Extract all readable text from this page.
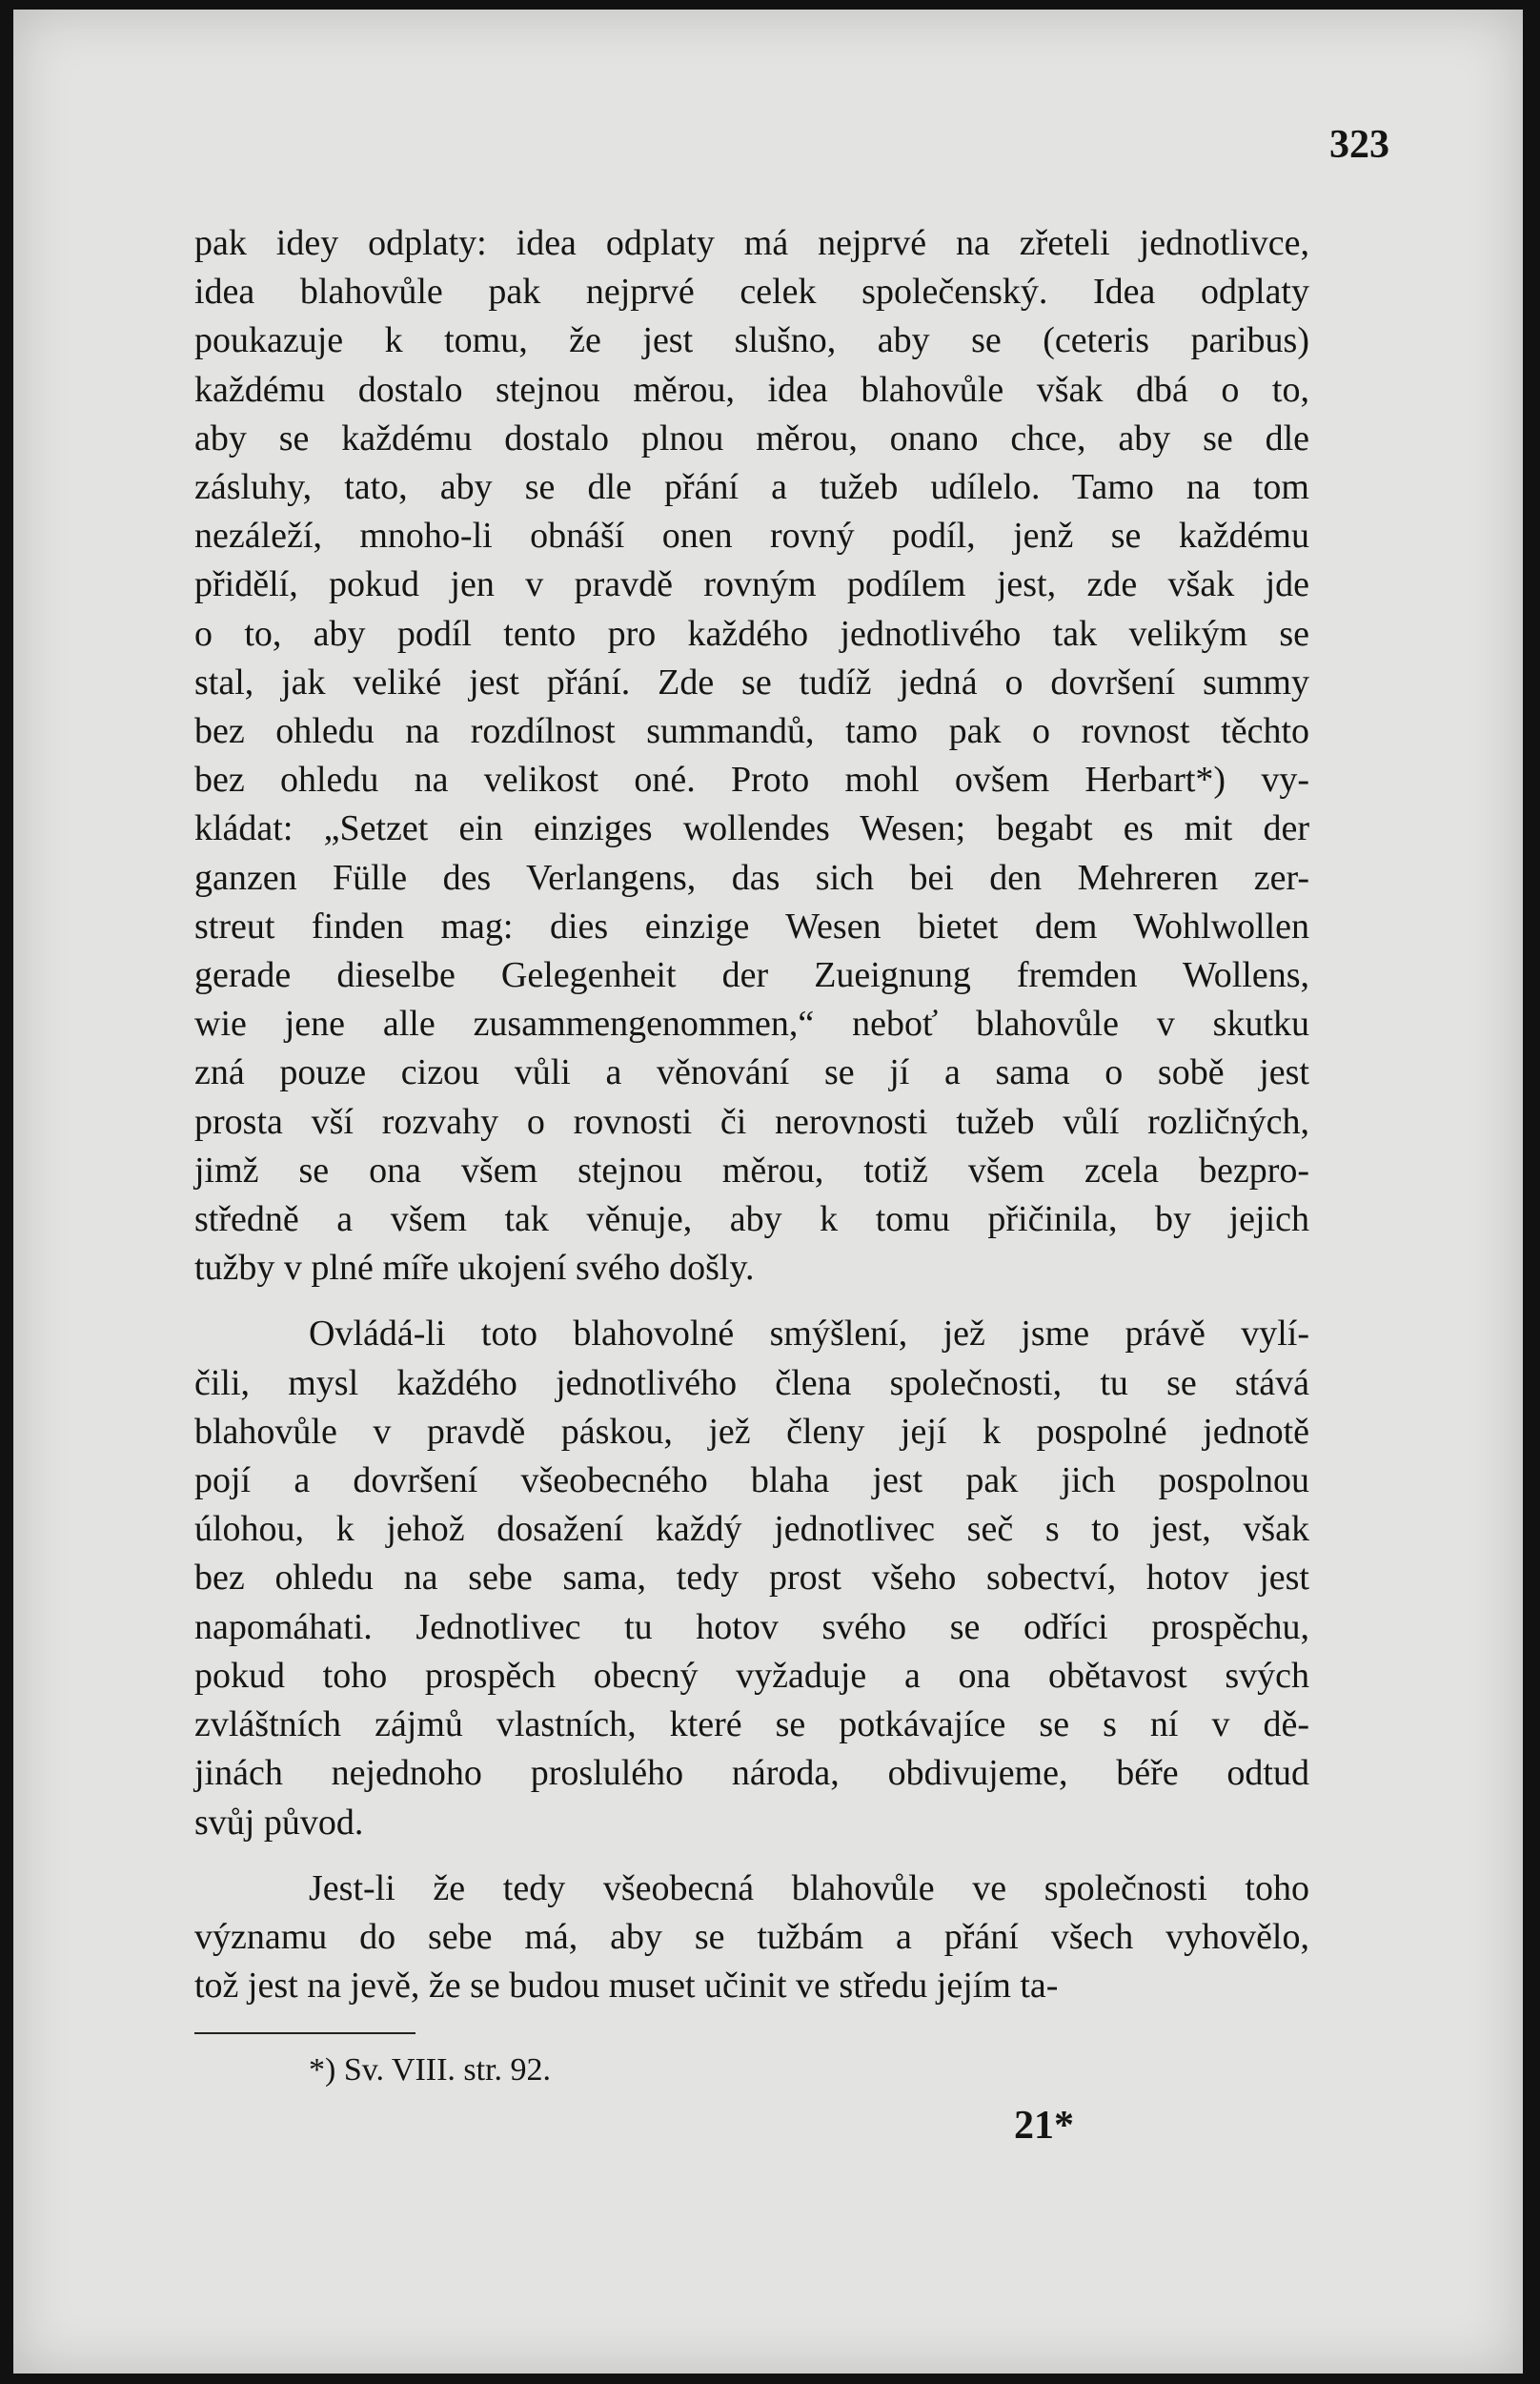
323
pak idey odplaty: idea odplaty má nejprvé na zřeteli jednotlivce,
idea blahovůle pak nejprvé celek společenský. Idea odplaty
poukazuje k tomu, že jest slušno, aby se (ceteris paribus)
každému dostalo stejnou měrou, idea blahovůle však dbá o to,
aby se každému dostalo plnou měrou, onano chce, aby se dle
zásluhy, tato, aby se dle přání a tužeb udílelo. Tamo na tom
nezáleží, mnoho-li obnáší onen rovný podíl, jenž se každému
přidělí, pokud jen v pravdě rovným podílem jest, zde však jde
o to, aby podíl tento pro každého jednotlivého tak velikým se
stal, jak veliké jest přání. Zde se tudíž jedná o dovršení summy
bez ohledu na rozdílnost summandů, tamo pak o rovnost těchto
bez ohledu na velikost oné. Proto mohl ovšem Herbart*) vy-
kládat: „Setzet ein einziges wollendes Wesen; begabt es mit der
ganzen Fülle des Verlangens, das sich bei den Mehreren zer-
streut finden mag: dies einzige Wesen bietet dem Wohlwollen
gerade dieselbe Gelegenheit der Zueignung fremden Wollens,
wie jene alle zusammengenommen,“ neboť blahovůle v skutku
zná pouze cizou vůli a věnování se jí a sama o sobě jest
prosta vší rozvahy o rovnosti či nerovnosti tužeb vůlí rozličných,
jimž se ona všem stejnou měrou, totiž všem zcela bezpro-
středně a všem tak věnuje, aby k tomu přičinila, by jejich
tužby v plné míře ukojení svého došly.
Ovládá-li toto blahovolné smýšlení, jež jsme právě vylí-
čili, mysl každého jednotlivého člena společnosti, tu se stává
blahovůle v pravdě páskou, jež členy její k pospolné jednotě
pojí a dovršení všeobecného blaha jest pak jich pospolnou
úlohou, k jehož dosažení každý jednotlivec seč s to jest, však
bez ohledu na sebe sama, tedy prost všeho sobectví, hotov jest
napomáhati. Jednotlivec tu hotov svého se odříci prospěchu,
pokud toho prospěch obecný vyžaduje a ona obětavost svých
zvláštních zájmů vlastních, které se potkávajíce se s ní v dě-
jinách nejednoho proslulého národa, obdivujeme, béře odtud
svůj původ.
Jest-li že tedy všeobecná blahovůle ve společnosti toho
významu do sebe má, aby se tužbám a přání všech vyhovělo,
tož jest na jevě, že se budou muset učinit ve středu jejím ta-
*) Sv. VIII. str. 92.
21*
